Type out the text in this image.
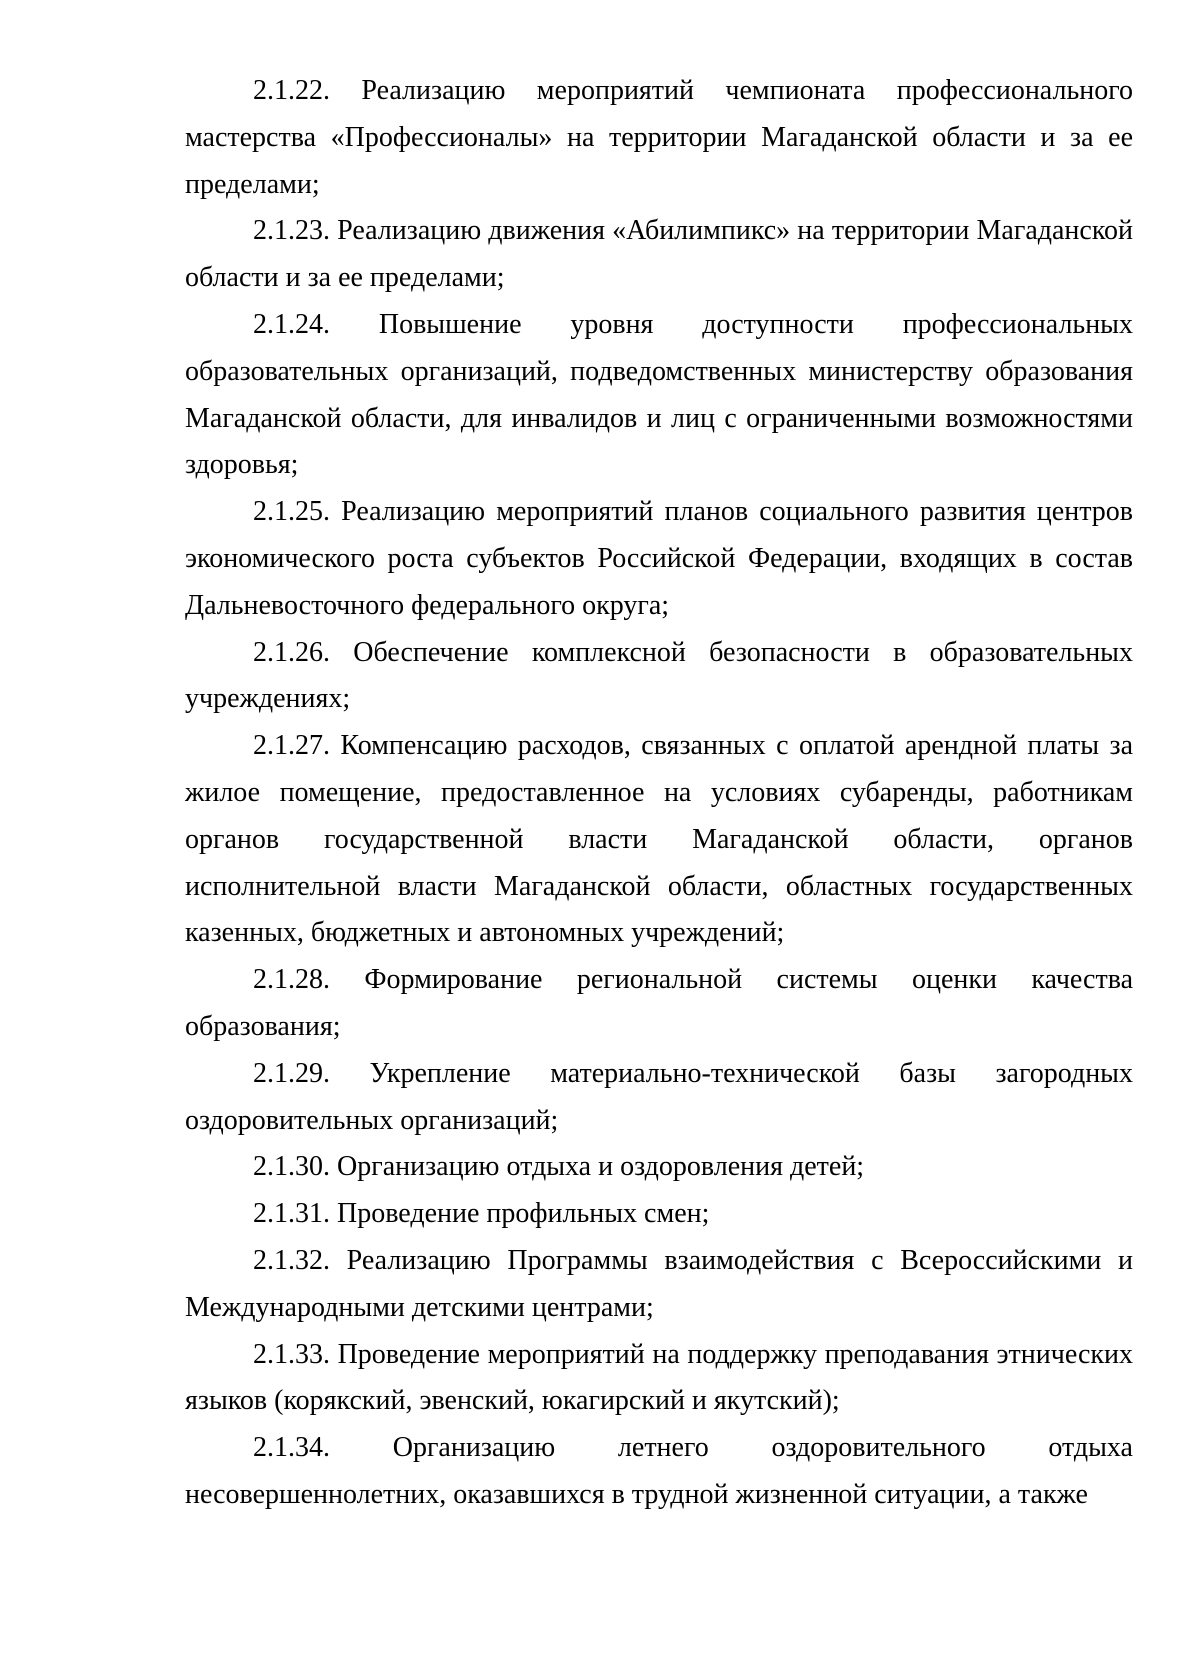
2.1.22. Реализацию мероприятий чемпионата профессионального мастерства «Профессионалы» на территории Магаданской области и за ее пределами;

2.1.23. Реализацию движения «Абилимпикс» на территории Магаданской области и за ее пределами;

2.1.24. Повышение уровня доступности профессиональных образовательных организаций, подведомственных министерству образования Магаданской области, для инвалидов и лиц с ограниченными возможностями здоровья;

2.1.25. Реализацию мероприятий планов социального развития центров экономического роста субъектов Российской Федерации, входящих в состав Дальневосточного федерального округа;

2.1.26. Обеспечение комплексной безопасности в образовательных учреждениях;

2.1.27. Компенсацию расходов, связанных с оплатой арендной платы за жилое помещение, предоставленное на условиях субаренды, работникам органов государственной власти Магаданской области, органов исполнительной власти Магаданской области, областных государственных казенных, бюджетных и автономных учреждений;

2.1.28. Формирование региональной системы оценки качества образования;

2.1.29. Укрепление материально-технической базы загородных оздоровительных организаций;

2.1.30. Организацию отдыха и оздоровления детей;

2.1.31. Проведение профильных смен;

2.1.32. Реализацию Программы взаимодействия с Всероссийскими и Международными детскими центрами;

2.1.33. Проведение мероприятий на поддержку преподавания этнических языков (корякский, эвенский, юкагирский и якутский);

2.1.34. Организацию летнего оздоровительного отдыха несовершеннолетних, оказавшихся в трудной жизненной ситуации, а также
